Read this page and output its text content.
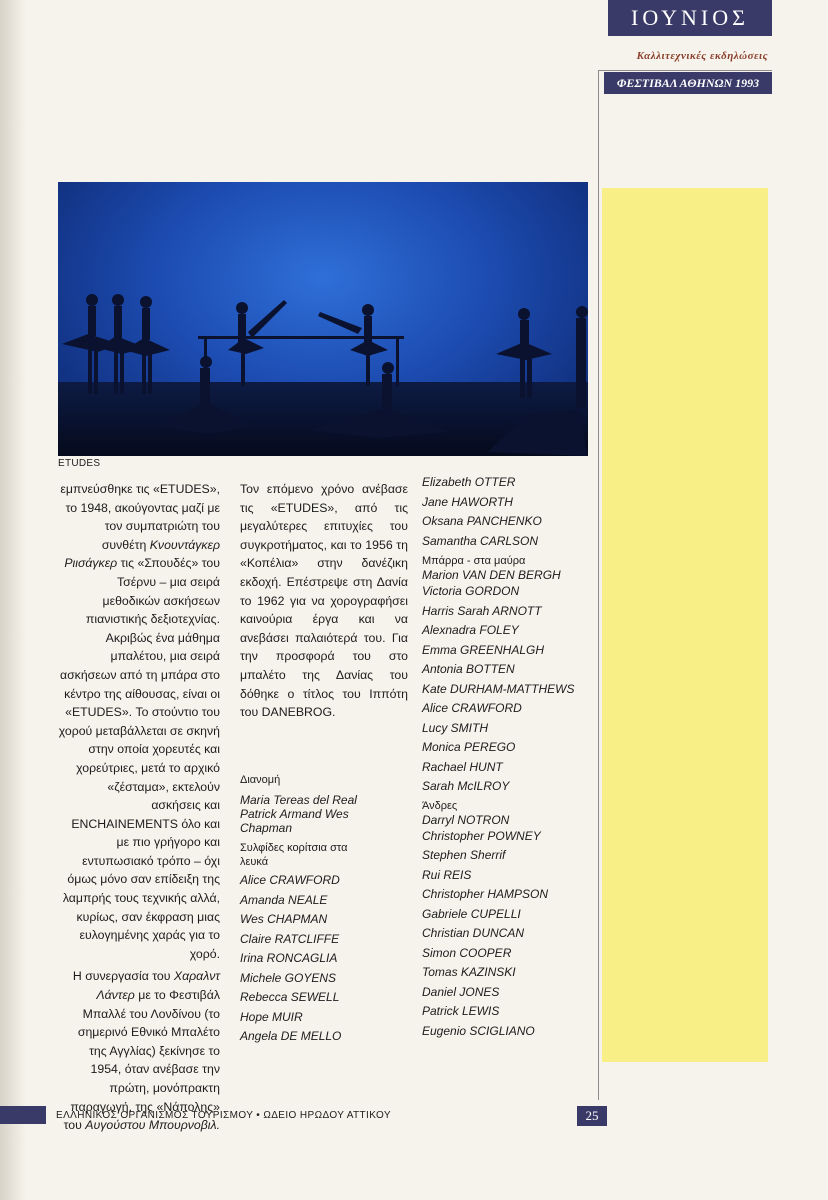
ΙΟΥΝΙΟΣ
Καλλιτεχνικές εκδηλώσεις
ΦΕΣΤΙΒΑΛ ΑΘΗΝΩΝ 1993
ETUDES

εμπνεύσθηκε τις «ETUDES», το 1948, ακούγοντας μαζί με τον συμπατριώτη του συνθέτη Κνουντάγκερ Ριισάγκερ τις «Σπουδές» του Τσέρνυ – μια σειρά μεθοδικών ασκήσεων πιανιστικής δεξιοτεχνίας. Ακριβώς ένα μάθημα μπαλέτου, μια σειρά ασκήσεων από τη μπάρα στο κέντρο της αίθουσας, είναι οι «ETUDES». Το στούντιο του χορού μεταβάλλεται σε σκηνή στην οποία χορευτές και χορεύτριες, μετά το αρχικό «ζέσταμα», εκτελούν ασκήσεις και ENCHAINEMENTS όλο και με πιο γρήγορο και εντυπωσιακό τρόπο – όχι όμως μόνο σαν επίδειξη της λαμπρής τους τεχνικής αλλά, κυρίως, σαν έκφραση μιας ευλογημένης χαράς για το χορό.

Η συνεργασία του Χαραλντ Λάντερ με το Φεστιβάλ Μπαλλέ του Λονδίνου (το σημερινό Εθνικό Μπαλέτο της Αγγλίας) ξεκίνησε το 1954, όταν ανέβασε την πρώτη, μονόπρακτη παραγωγή, της «Νάπολης» του Αυγούστου Μπουρνοβιλ.

Τον επόμενο χρόνο ανέβασε τις «ETUDES», από τις μεγαλύτερες επιτυχίες του συγκροτήματος, και το 1956 τη «Κοπέλια» στην δανέζικη εκδοχή. Επέστρεψε στη Δανία το 1962 για να χορογραφήσει καινούρια έργα και να ανεβάσει παλαιότερά του. Για την προσφορά του στο μπαλέτο της Δανίας του δόθηκε ο τίτλος του Ιππότη του DANEBROG.

Διανομή

Maria Tereas del Real

Patrick Armand Wes Chapman

Συλφίδες κορίτσια στα λευκά

Alice CRAWFORD

Amanda NEALE

Wes CHAPMAN

Claire RATCLIFFE

Irina RONCAGLIA

Michele GOYENS

Rebecca SEWELL

Hope MUIR

Angela DE MELLO

Elizabeth OTTER

Jane HAWORTH

Oksana PANCHENKO

Samantha CARLSON

Μπάρρα - στα μαύρα

Marion VAN DEN BERGH

Victoria GORDON

Harris Sarah ARNOTT

Alexnadra FOLEY

Emma GREENHALGH

Antonia BOTTEN

Kate DURHAM-MATTHEWS

Alice CRAWFORD

Lucy SMITH

Monica PEREGO

Rachael HUNT

Sarah McILROY

Άνδρες

Darryl NOTRON

Christopher POWNEY

Stephen Sherrif

Rui REIS

Christopher HAMPSON

Gabriele CUPELLI

Christian DUNCAN

Simon COOPER

Tomas KAZINSKI

Daniel JONES

Patrick LEWIS

Eugenio SCIGLIANO

ΕΛΛΗΝΙΚΟΣ ΟΡΓΑΝΙΣΜΟΣ ΤΟΥΡΙΣΜΟΥ • ΩΔΕΙΟ ΗΡΩΔΟΥ ΑΤΤΙΚΟΥ	25
